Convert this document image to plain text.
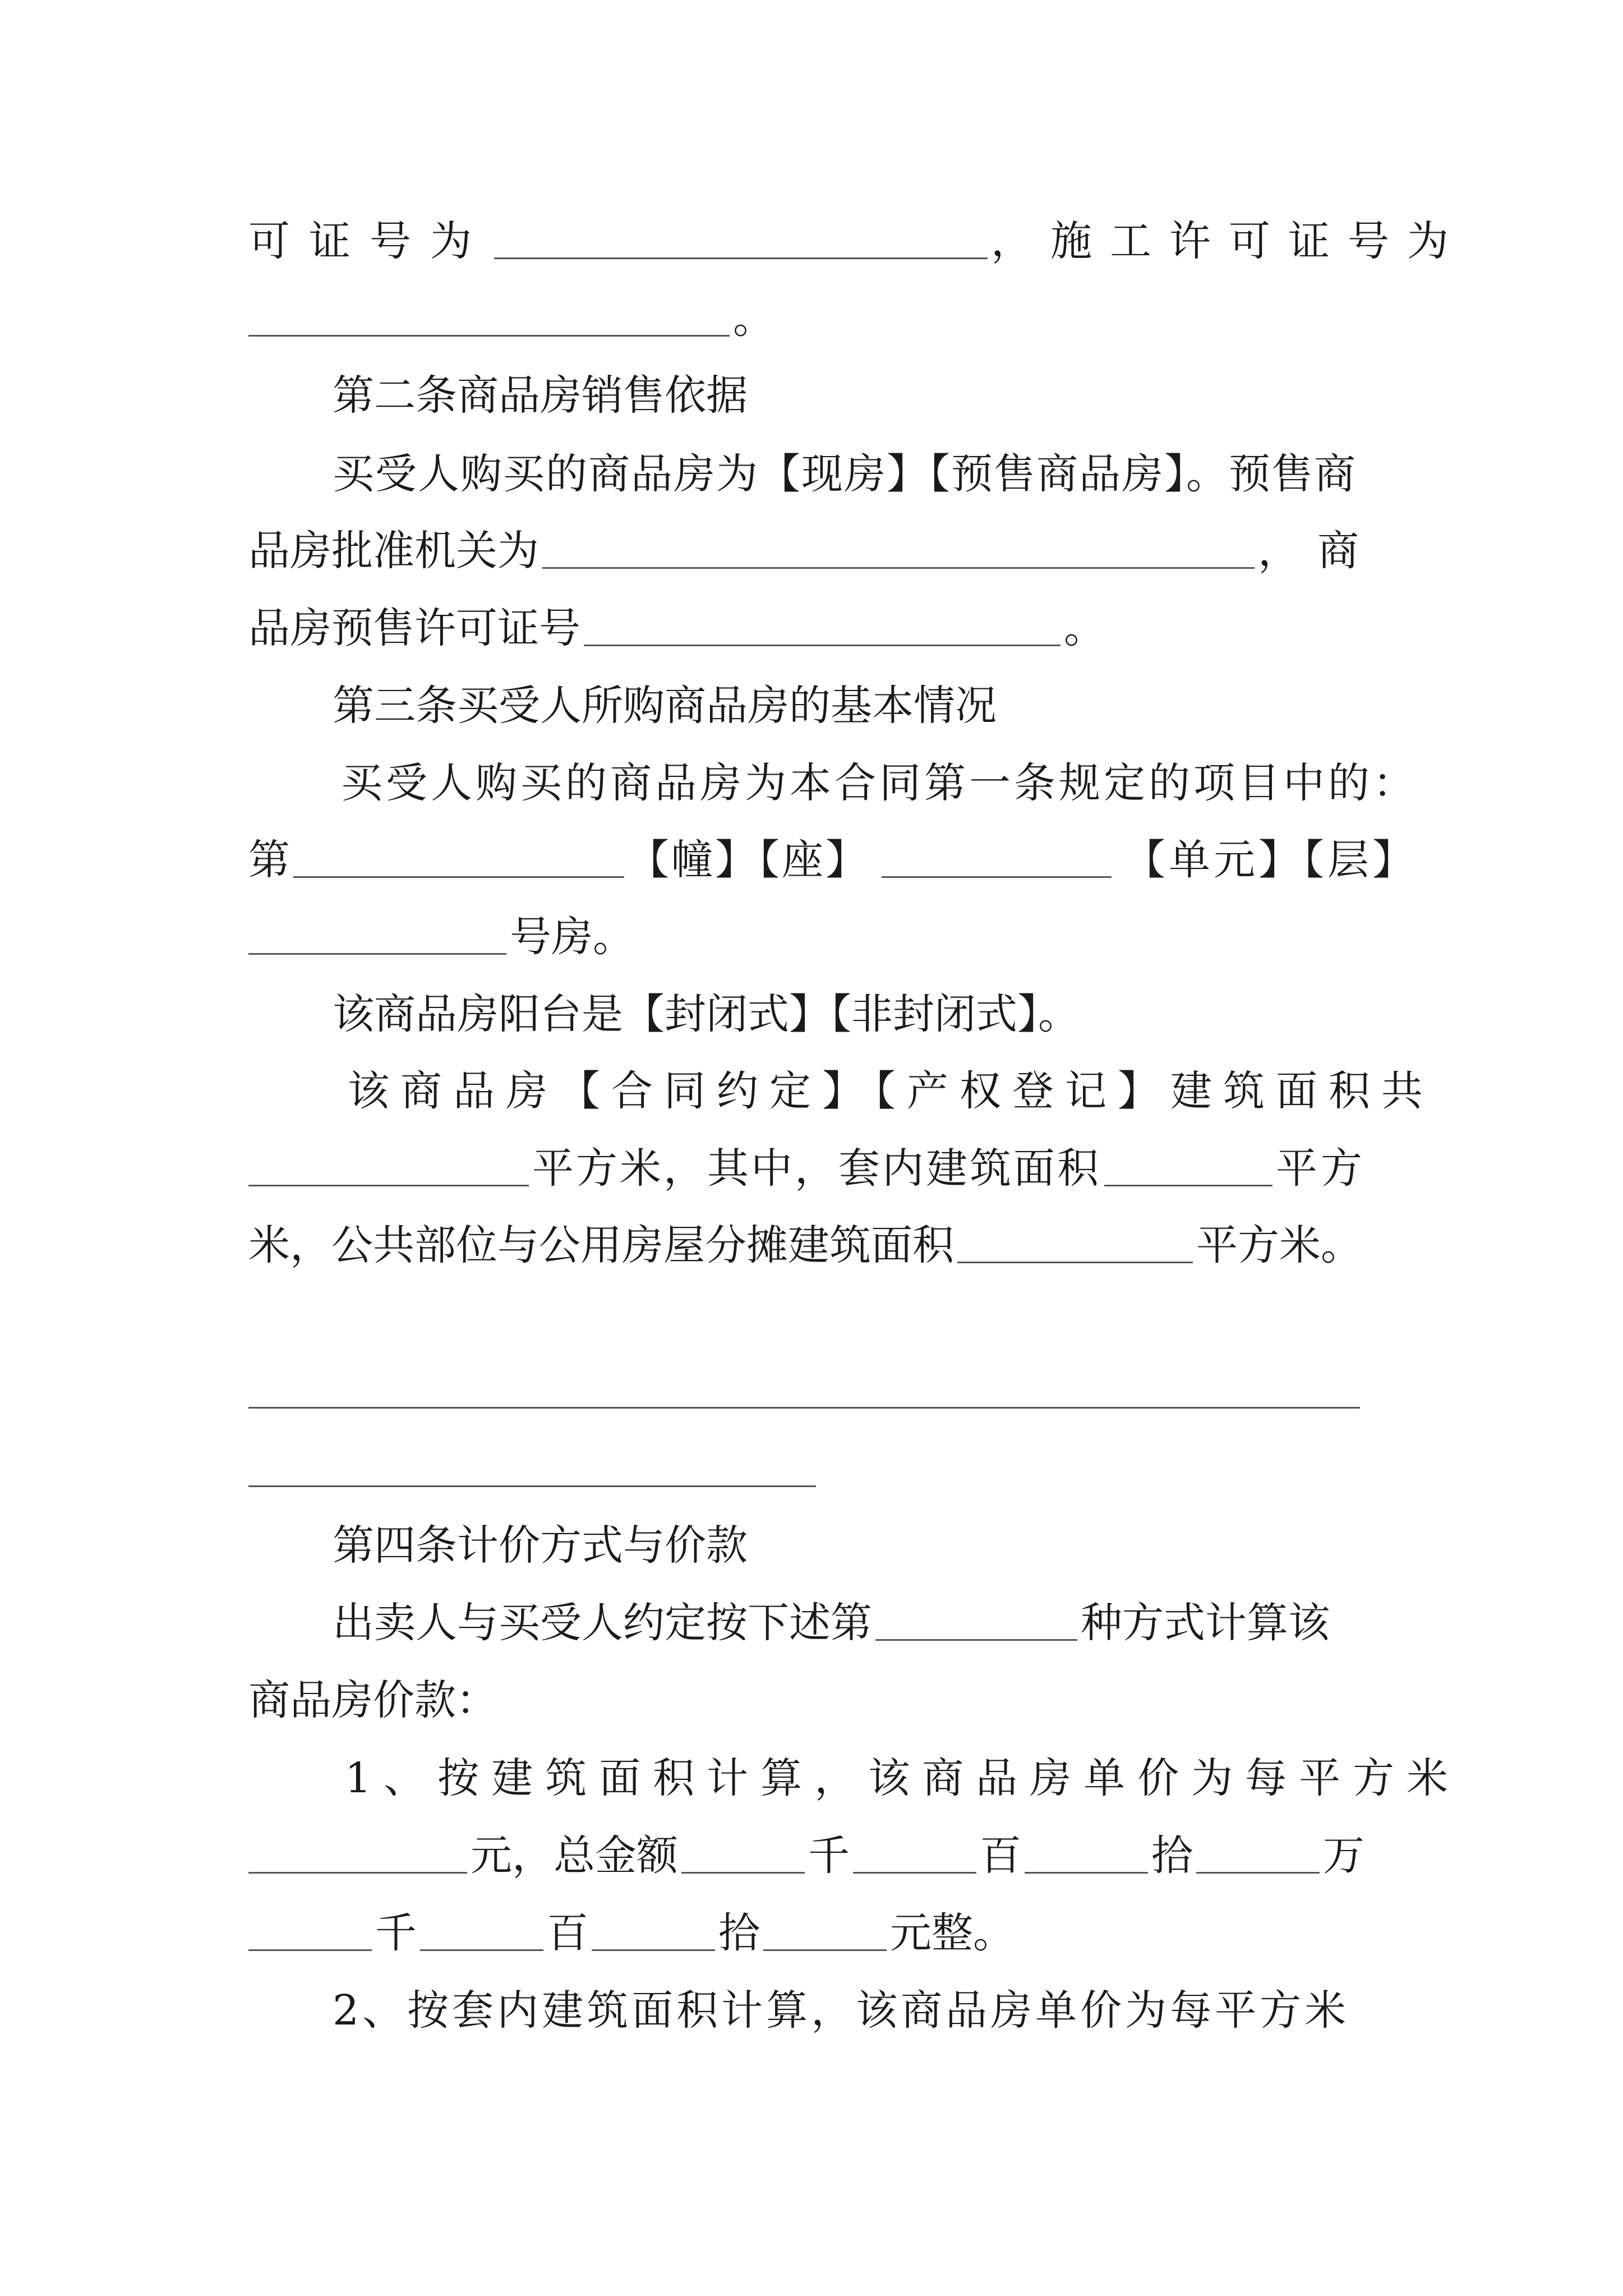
可证号为	，施工许可证号为
。
第二条商品房销售依据
买受人购买的商品房为【现房】【预售商品房】。预售商
品房批准机关为	，商
品房预售许可证号	。
第三条买受人所购商品房的基本情况
买受人购买的商品房为本合同第一条规定的项目中的：
第	【幢】【座】	【单元】【层】
号房。
该商品房阳台是【封闭式】【非封闭式】。
该商品房【合同约定】【产权登记】建筑面积共
平方米，其中，套内建筑面积	平方
米，公共部位与公用房屋分摊建筑面积	平方米。
第四条计价方式与价款
出卖人与买受人约定按下述第	种方式计算该
商品房价款：
1、按建筑面积计算，该商品房单价为每平方米
元，总金额	千	百	拾	万
千	百	拾	元整。
2、按套内建筑面积计算，该商品房单价为每平方米
